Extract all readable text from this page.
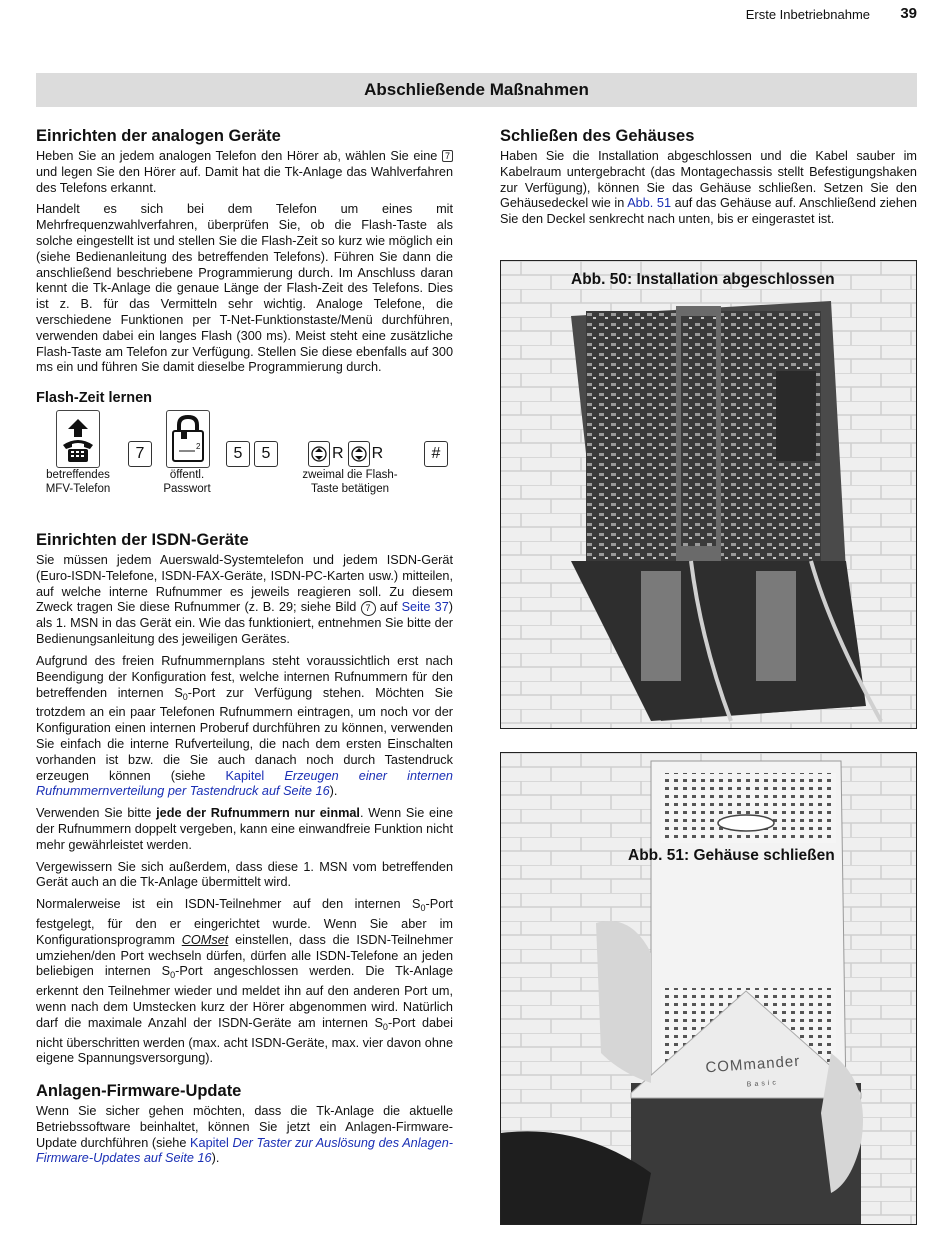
Erste Inbetriebnahme 39
Abschließende Maßnahmen
Einrichten der analogen Geräte

Heben Sie an jedem analogen Telefon den Hörer ab, wählen Sie eine 7 und legen Sie den Hörer auf. Damit hat die Tk-Anlage das Wahlverfahren des Telefons erkannt.

Handelt es sich bei dem Telefon um eines mit Mehrfrequenzwahlverfahren, überprüfen Sie, ob die Flash-Taste als solche eingestellt ist und stellen Sie die Flash-Zeit so kurz wie möglich ein (siehe Bedienanleitung des betreffenden Telefons). Führen Sie dann die anschließend beschriebene Programmierung durch. Im Anschluss daran kennt die Tk-Anlage die genaue Länge der Flash-Zeit des Telefons. Dies ist z. B. für das Vermitteln sehr wichtig. Analoge Telefone, die verschiedene Funktionen per T-Net-Funktionstaste/Menü durchführen, verwenden dabei ein langes Flash (300 ms). Meist steht eine zusätzliche Flash-Taste am Telefon zur Verfügung. Stellen Sie diese ebenfalls auf 300 ms ein und führen Sie damit dieselbe Programmierung durch.

Flash-Zeit lernen
7	2	5	5	R R	#
betreffendes MFV-Telefon
öffentl. Passwort
zweimal die Flash-Taste betätigen
Einrichten der ISDN-Geräte

Sie müssen jedem Auerswald-Systemtelefon und jedem ISDN-Gerät (Euro-ISDN-Telefone, ISDN-FAX-Geräte, ISDN-PC-Karten usw.) mitteilen, auf welche interne Rufnummer es jeweils reagieren soll. Zu diesem Zweck tragen Sie diese Rufnummer (z. B. 29; siehe Bild 7 auf Seite 37) als 1. MSN in das Gerät ein. Wie das funktioniert, entnehmen Sie bitte der Bedienungsanleitung des jeweiligen Gerätes.

Aufgrund des freien Rufnummernplans steht voraussichtlich erst nach Beendigung der Konfiguration fest, welche internen Rufnummern für den betreffenden internen $S_0$-Port zur Verfügung stehen. Möchten Sie trotzdem an ein paar Telefonen Rufnummern eintragen, um noch vor der Konfiguration einen internen Proberuf durchführen zu können, verwenden Sie einfach die interne Rufverteilung, die nach dem ersten Einschalten vorhanden ist bzw. die Sie auch danach noch durch Tastendruck erzeugen können (siehe Kapitel Erzeugen einer internen Rufnummernverteilung per Tastendruck auf Seite 16).

Verwenden Sie bitte jede der Rufnummern nur einmal. Wenn Sie eine der Rufnummern doppelt vergeben, kann eine einwandfreie Funktion nicht mehr gewährleistet werden.

Vergewissern Sie sich außerdem, dass diese 1. MSN vom betreffenden Gerät auch an die Tk-Anlage übermittelt wird.

Normalerweise ist ein ISDN-Teilnehmer auf den internen $S_0$-Port festgelegt, für den er eingerichtet wurde. Wenn Sie aber im Konfigurationsprogramm COMset einstellen, dass die ISDN-Teilnehmer umziehen/den Port wechseln dürfen, dürfen alle ISDN-Telefone an jeden beliebigen internen $S_0$-Port angeschlossen werden. Die Tk-Anlage erkennt den Teilnehmer wieder und meldet ihn auf den anderen Port um, wenn nach dem Umstecken kurz der Hörer abgenommen wird. Natürlich darf die maximale Anzahl der ISDN-Geräte am internen $S_0$-Port dabei nicht überschritten werden (max. acht ISDN-Geräte, max. vier davon ohne eigene Spannungsversorgung).

Anlagen-Firmware-Update

Wenn Sie sicher gehen möchten, dass die Tk-Anlage die aktuelle Betriebssoftware beinhaltet, können Sie jetzt ein Anlagen-Firmware-Update durchführen (siehe Kapitel Der Taster zur Auslösung des Anlagen-Firmware-Updates auf Seite 16).

Schließen des Gehäuses

Haben Sie die Installation abgeschlossen und die Kabel sauber im Kabelraum untergebracht (das Montagechassis stellt Befestigungshaken zur Verfügung), können Sie das Gehäuse schließen. Setzen Sie den Gehäusedeckel wie in Abb. 51 auf das Gehäuse auf. Anschließend ziehen Sie den Deckel senkrecht nach unten, bis er eingerastet ist.

Abb. 50: Installation abgeschlossen
Abb. 51: Gehäuse schließen
COMmander
Basic
